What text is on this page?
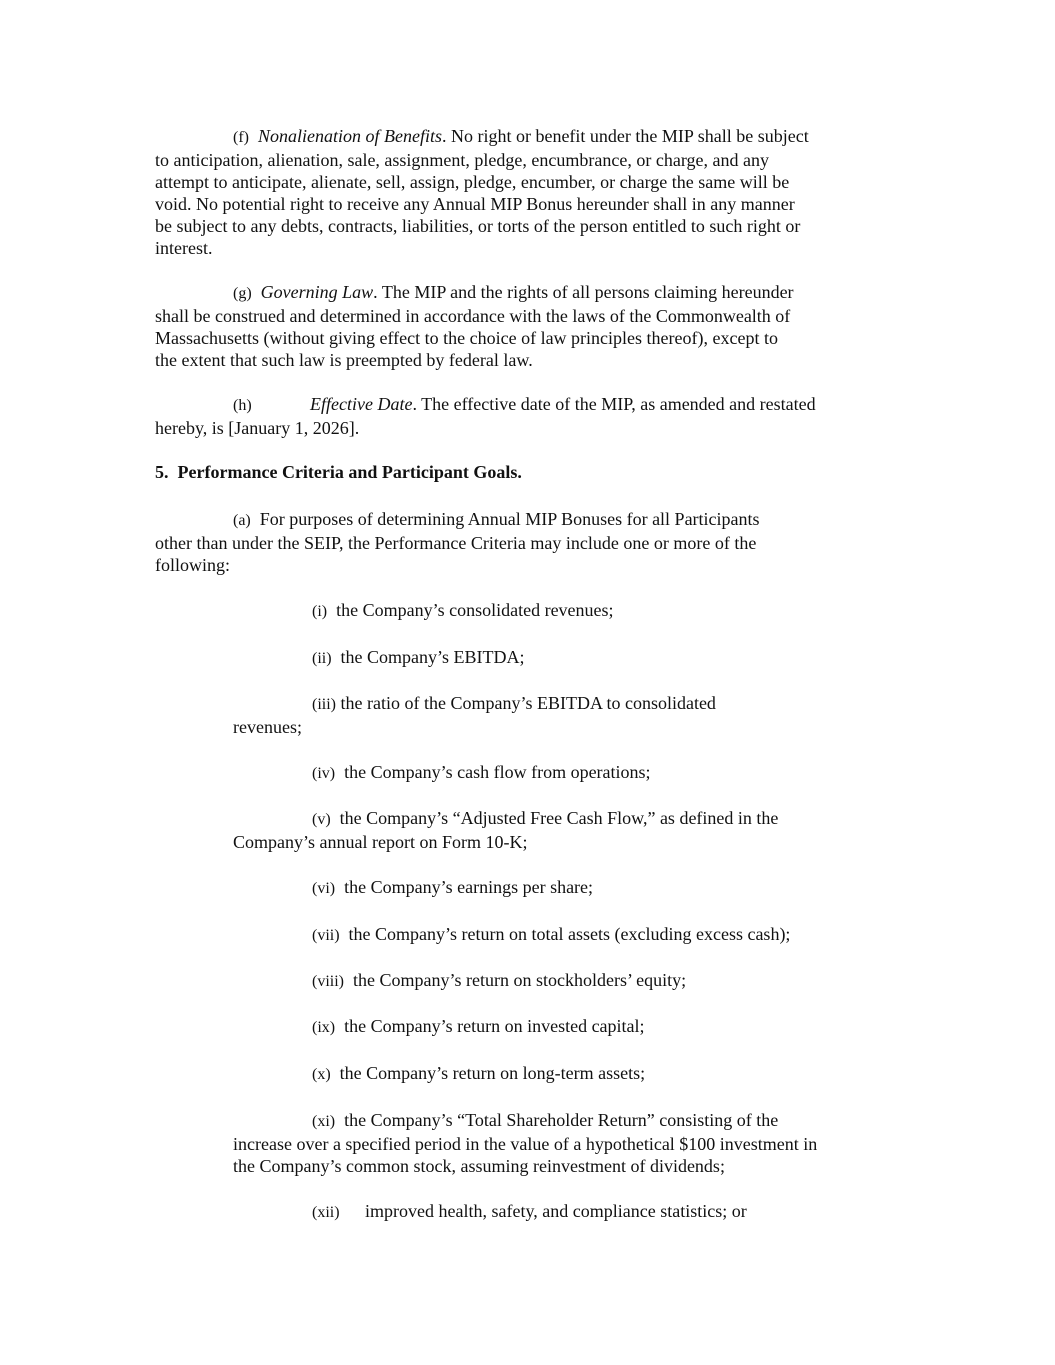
(f) Nonalienation of Benefits. No right or benefit under the MIP shall be subject
to anticipation, alienation, sale, assignment, pledge, encumbrance, or charge, and any
attempt to anticipate, alienate, sell, assign, pledge, encumber, or charge the same will be
void. No potential right to receive any Annual MIP Bonus hereunder shall in any manner
be subject to any debts, contracts, liabilities, or torts of the person entitled to such right or
interest.
(g) Governing Law. The MIP and the rights of all persons claiming hereunder
shall be construed and determined in accordance with the laws of the Commonwealth of
Massachusetts (without giving effect to the choice of law principles thereof), except to
the extent that such law is preempted by federal law.
(h)	Effective Date. The effective date of the MIP, as amended and restated
hereby, is [January 1, 2026].
5.  Performance Criteria and Participant Goals.
(a) For purposes of determining Annual MIP Bonuses for all Participants
other than under the SEIP, the Performance Criteria may include one or more of the
following:
(i) the Company’s consolidated revenues;
(ii) the Company’s EBITDA;
(iii) the ratio of the Company’s EBITDA to consolidated
revenues;
(iv) the Company’s cash flow from operations;
(v) the Company’s “Adjusted Free Cash Flow,” as defined in the
Company’s annual report on Form 10-K;
(vi) the Company’s earnings per share;
(vii) the Company’s return on total assets (excluding excess cash);
(viii) the Company’s return on stockholders’ equity;
(ix) the Company’s return on invested capital;
(x) the Company’s return on long-term assets;
(xi) the Company’s “Total Shareholder Return” consisting of the
increase over a specified period in the value of a hypothetical $100 investment in
the Company’s common stock, assuming reinvestment of dividends;
(xii) improved health, safety, and compliance statistics; or
